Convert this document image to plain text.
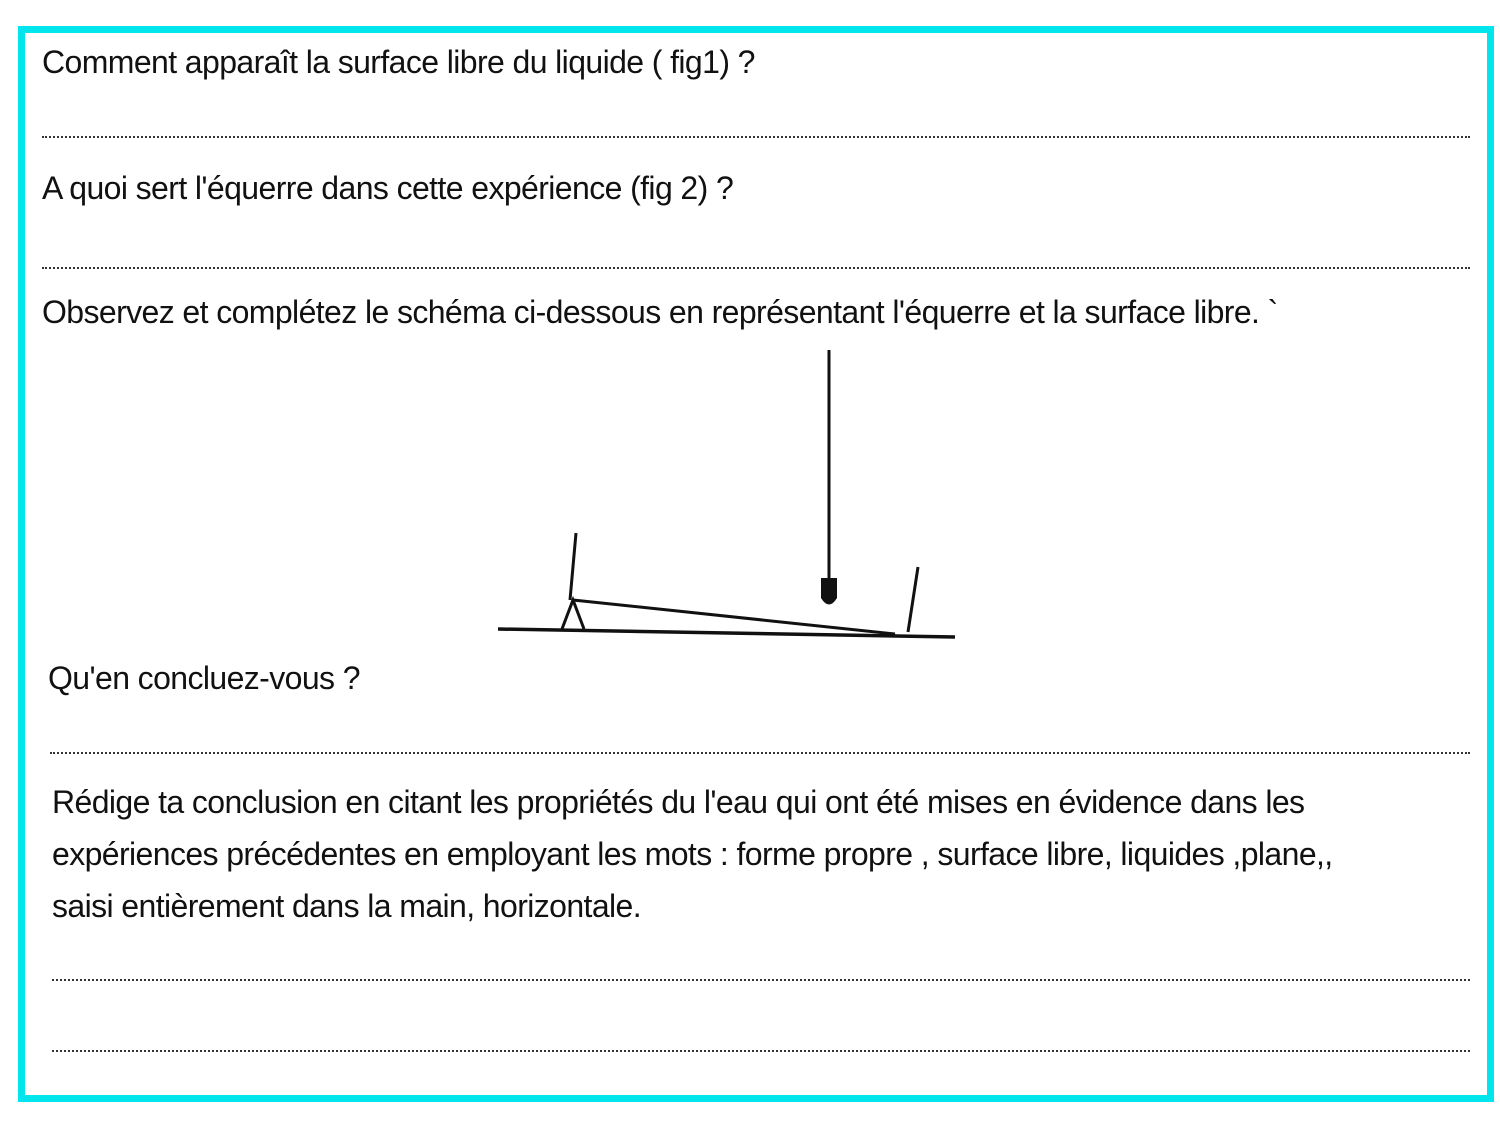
Comment apparaît la surface libre du liquide ( fig1) ?

A quoi sert l'équerre dans cette expérience (fig 2) ?

Observez et complétez le schéma ci-dessous en représentant l'équerre et la surface libre. `

Qu'en concluez-vous ?

Rédige ta conclusion en citant les propriétés du l'eau qui ont été mises en évidence dans les
expériences précédentes en employant les mots : forme propre , surface libre, liquides ,plane,,
saisi entièrement dans la main, horizontale.
